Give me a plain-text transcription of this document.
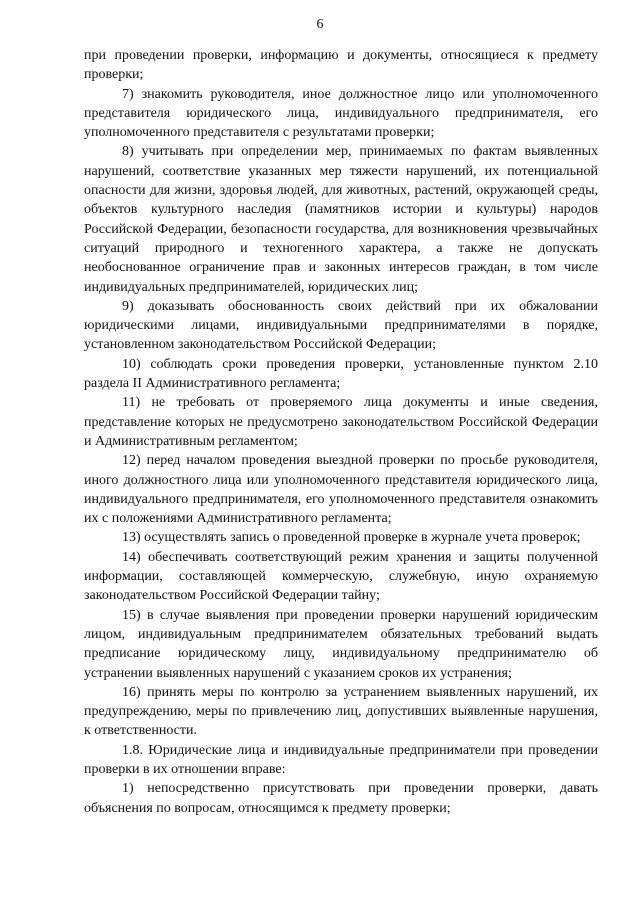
6

при проведении проверки, информацию и документы, относящиеся к предмету проверки;

7) знакомить руководителя, иное должностное лицо или уполномоченного представителя юридического лица, индивидуального предпринимателя, его уполномоченного представителя с результатами проверки;

8) учитывать при определении мер, принимаемых по фактам выявленных нарушений, соответствие указанных мер тяжести нарушений, их потенциальной опасности для жизни, здоровья людей, для животных, растений, окружающей среды, объектов культурного наследия (памятников истории и культуры) народов Российской Федерации, безопасности государства, для возникновения чрезвычайных ситуаций природного и техногенного характера, а также не допускать необоснованное ограничение прав и законных интересов граждан, в том числе индивидуальных предпринимателей, юридических лиц;

9) доказывать обоснованность своих действий при их обжаловании юридическими лицами, индивидуальными предпринимателями в порядке, установленном законодательством Российской Федерации;

10) соблюдать сроки проведения проверки, установленные пунктом 2.10 раздела II Административного регламента;

11) не требовать от проверяемого лица документы и иные сведения, представление которых не предусмотрено законодательством Российской Федерации и Административным регламентом;

12) перед началом проведения выездной проверки по просьбе руководителя, иного должностного лица или уполномоченного представителя юридического лица, индивидуального предпринимателя, его уполномоченного представителя ознакомить их с положениями Административного регламента;

13) осуществлять запись о проведенной проверке в журнале учета проверок;

14) обеспечивать соответствующий режим хранения и защиты полученной информации, составляющей коммерческую, служебную, иную охраняемую законодательством Российской Федерации тайну;

15) в случае выявления при проведении проверки нарушений юридическим лицом, индивидуальным предпринимателем обязательных требований выдать предписание юридическому лицу, индивидуальному предпринимателю об устранении выявленных нарушений с указанием сроков их устранения;

16) принять меры по контролю за устранением выявленных нарушений, их предупреждению, меры по привлечению лиц, допустивших выявленные нарушения, к ответственности.

1.8. Юридические лица и индивидуальные предприниматели при проведении проверки в их отношении вправе:

1) непосредственно присутствовать при проведении проверки, давать объяснения по вопросам, относящимся к предмету проверки;
